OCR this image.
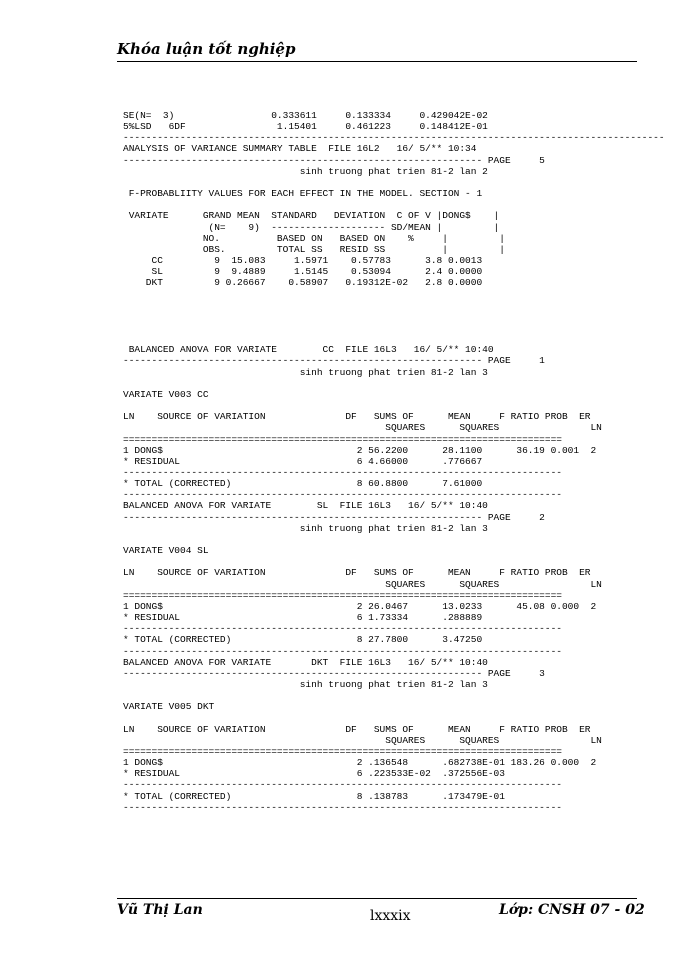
Khóa luận tốt nghiệp
SE(N=  3)                 0.333611     0.133334     0.429042E-02
5%LSD   6DF                1.15401     0.461223     0.148412E-01
-----------------------------------------------------------------------------------------------
ANALYSIS OF VARIANCE SUMMARY TABLE  FILE 16L2   16/ 5/** 10:34
--------------------------------------------------------------- PAGE     5
sinh truong phat trien 81-2 lan 2

F-PROBABLIITY VALUES FOR EACH EFFECT IN THE MODEL. SECTION - 1

VARIATE      GRAND MEAN  STANDARD   DEVIATION  C OF V |DONG$    |
(N=    9)  -------------------- SD/MEAN |         |
NO.          BASED ON   BASED ON    %     |         |
OBS.         TOTAL SS   RESID SS          |         |
CC         9  15.083     1.5971    0.57783      3.8 0.0013
SL         9  9.4889     1.5145    0.53094      2.4 0.0000
DKT         9 0.26667    0.58907   0.19312E-02   2.8 0.0000

BALANCED ANOVA FOR VARIATE        CC  FILE 16L3   16/ 5/** 10:40
--------------------------------------------------------------- PAGE     1
sinh truong phat trien 81-2 lan 3

VARIATE V003 CC

LN    SOURCE OF VARIATION              DF   SUMS OF      MEAN     F RATIO PROB  ER
SQUARES      SQUARES                LN
=============================================================================
1 DONG$                                  2 56.2200      28.1100      36.19 0.001  2
* RESIDUAL                               6 4.66000      .776667
-----------------------------------------------------------------------------
* TOTAL (CORRECTED)                      8 60.8800      7.61000
-----------------------------------------------------------------------------
BALANCED ANOVA FOR VARIATE        SL  FILE 16L3   16/ 5/** 10:40
--------------------------------------------------------------- PAGE     2
sinh truong phat trien 81-2 lan 3

VARIATE V004 SL

LN    SOURCE OF VARIATION              DF   SUMS OF      MEAN     F RATIO PROB  ER
SQUARES      SQUARES                LN
=============================================================================
1 DONG$                                  2 26.0467      13.0233      45.08 0.000  2
* RESIDUAL                               6 1.73334      .288889
-----------------------------------------------------------------------------
* TOTAL (CORRECTED)                      8 27.7800      3.47250
-----------------------------------------------------------------------------
BALANCED ANOVA FOR VARIATE       DKT  FILE 16L3   16/ 5/** 10:40
--------------------------------------------------------------- PAGE     3
sinh truong phat trien 81-2 lan 3

VARIATE V005 DKT

LN    SOURCE OF VARIATION              DF   SUMS OF      MEAN     F RATIO PROB  ER
SQUARES      SQUARES                LN
=============================================================================
1 DONG$                                  2 .136548      .682738E-01 183.26 0.000  2
* RESIDUAL                               6 .223533E-02  .372556E-03
-----------------------------------------------------------------------------
* TOTAL (CORRECTED)                      8 .138783      .173479E-01
-----------------------------------------------------------------------------
Vũ Thị Lan	lxxxix	Lớp: CNSH 07 - 02
